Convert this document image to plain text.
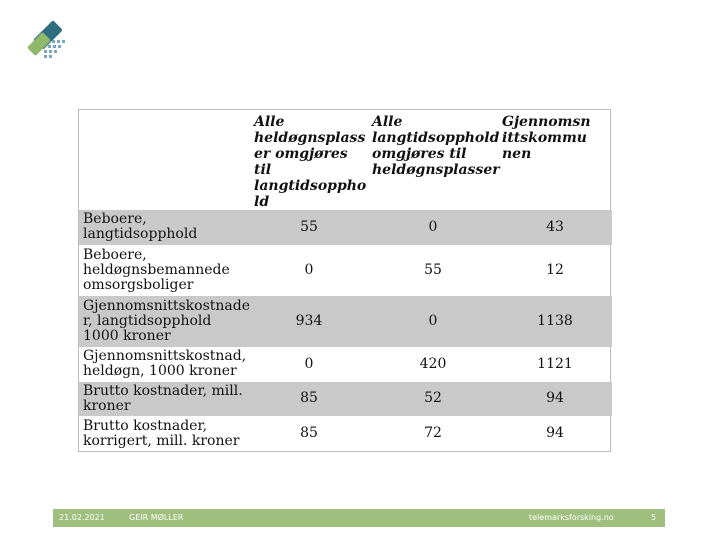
	Alle heldøgnsplass er omgjøres til langtidsoppho ld	Alle langtidsopphold omgjøres til heldøgnsplasser	Gjennomsn ittskommu nen
Beboere, langtidsopphold	55	0	43
Beboere, heldøgnsbemannede omsorgsboliger	0	55	12
Gjennomsnittskostnade r, langtidsopphold 1000 kroner	934	0	1138
Gjennomsnittskostnad, heldøgn, 1000 kroner	0	420	1121
Brutto kostnader, mill. kroner	85	52	94
Brutto kostnader, korrigert, mill. kroner	85	72	94
21.02.2021	GEIR MØLLER	telemarksforsking.no	5
